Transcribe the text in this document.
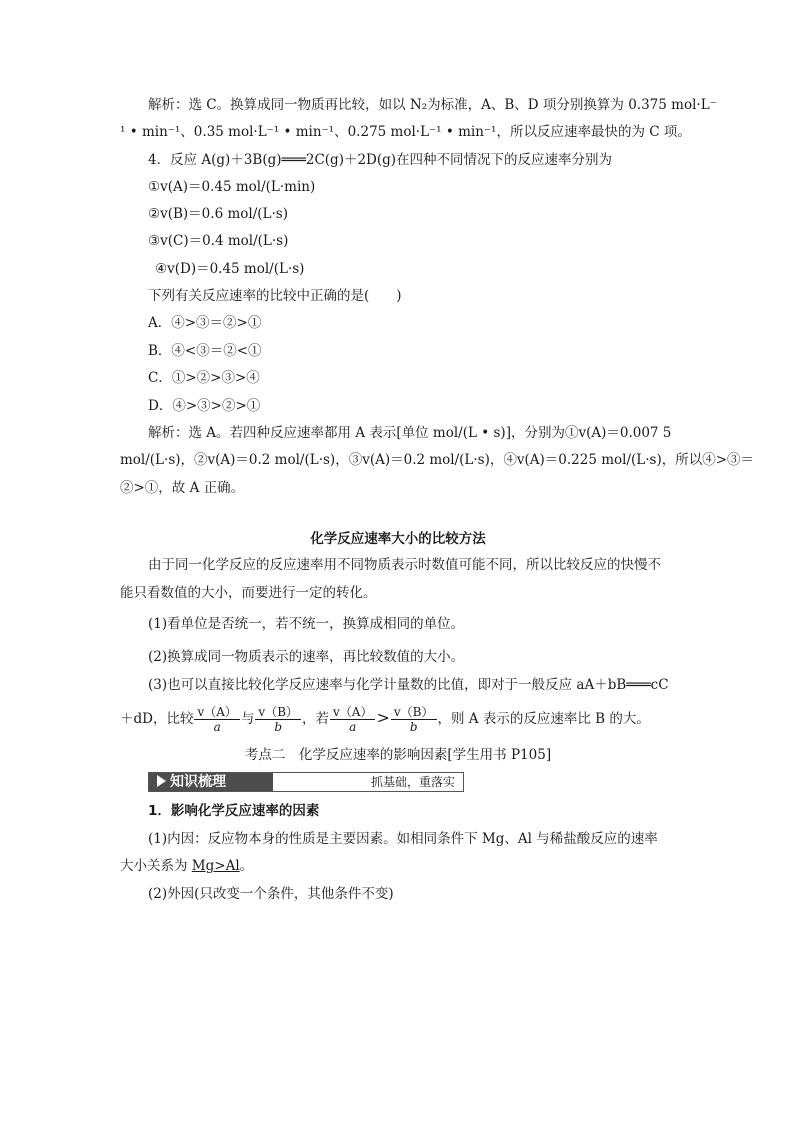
解析：选 C。换算成同一物质再比较，如以 N₂为标准，A、B、D 项分别换算为 0.375 mol·L⁻
¹ • min⁻¹、0.35 mol·L⁻¹ • min⁻¹、0.275 mol·L⁻¹ • min⁻¹，所以反应速率最快的为 C 项。
4．反应 A(g)＋3B(g)═══2C(g)＋2D(g)在四种不同情况下的反应速率分别为
①v(A)＝0.45 mol/(L·min)
②v(B)＝0.6 mol/(L·s)
③v(C)＝0.4 mol/(L·s)
④v(D)＝0.45 mol/(L·s)
下列有关反应速率的比较中正确的是(　　)
A．④>③＝②>①
B．④<③＝②<①
C．①>②>③>④
D．④>③>②>①
解析：选 A。若四种反应速率都用 A 表示[单位 mol/(L • s)]，分别为①v(A)＝0.007 5
mol/(L·s)，②v(A)＝0.2 mol/(L·s)，③v(A)＝0.2 mol/(L·s)，④v(A)＝0.225 mol/(L·s)，所以④>③＝
②>①，故 A 正确。
化学反应速率大小的比较方法
由于同一化学反应的反应速率用不同物质表示时数值可能不同，所以比较反应的快慢不
能只看数值的大小，而要进行一定的转化。
(1)看单位是否统一，若不统一，换算成相同的单位。
(2)换算成同一物质表示的速率，再比较数值的大小。
(3)也可以直接比较化学反应速率与化学计量数的比值，即对于一般反应 aA＋bB═══cC
＋dD，比较 $\frac{v(A)}{a}$ 与 $\frac{v(B)}{b}$ ，若 $\frac{v(A)}{a} > \frac{v(B)}{b}$ ，则 A 表示的反应速率比 B 的大。
考点二　化学反应速率的影响因素[学生用书 P105]
知识梳理	抓基础，重落实
1．影响化学反应速率的因素
(1)内因：反应物本身的性质是主要因素。如相同条件下 Mg、Al 与稀盐酸反应的速率
大小关系为 Mg>Al。
(2)外因(只改变一个条件，其他条件不变)
